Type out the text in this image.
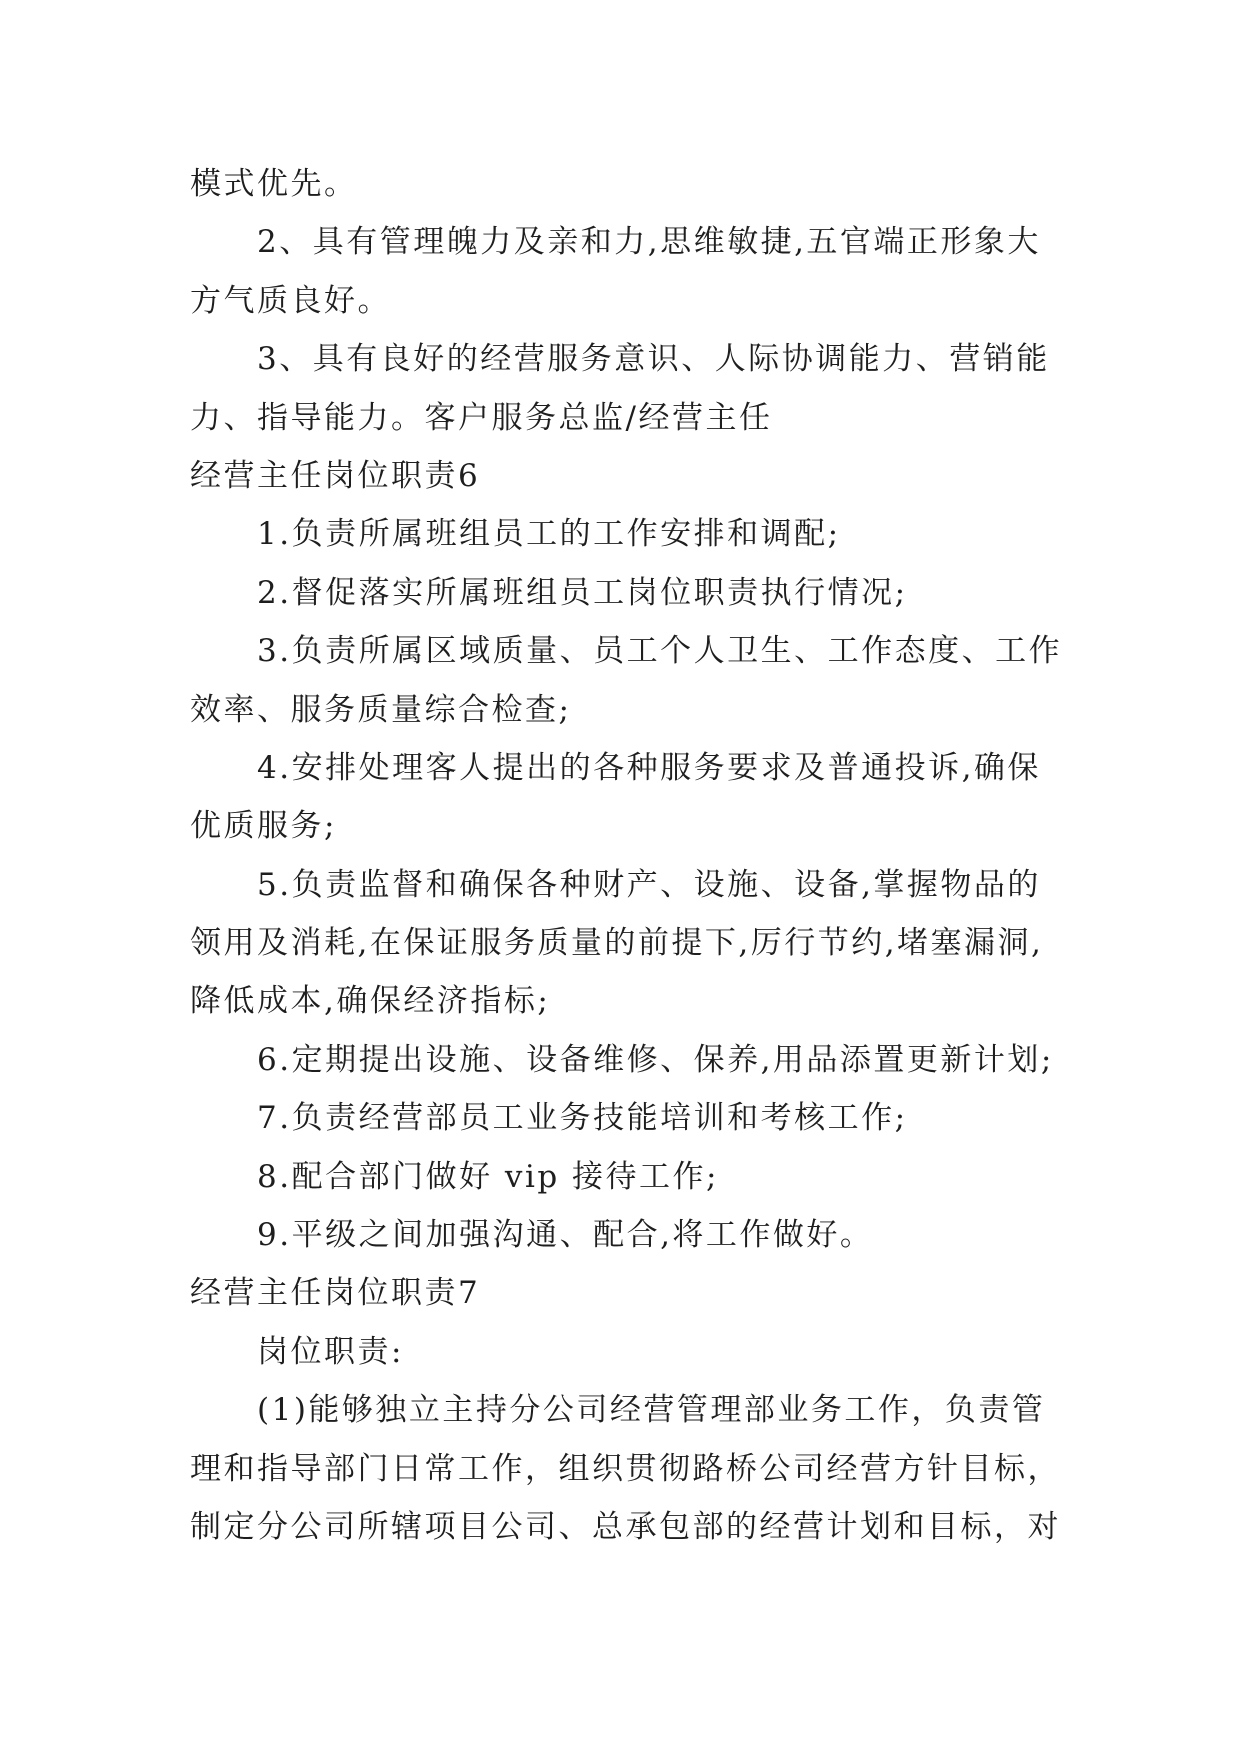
模式优先。
2、具有管理魄力及亲和力,思维敏捷,五官端正形象大
方气质良好。
3、具有良好的经营服务意识、人际协调能力、营销能
力、指导能力。客户服务总监/经营主任
经营主任岗位职责6
1.负责所属班组员工的工作安排和调配;
2.督促落实所属班组员工岗位职责执行情况;
3.负责所属区域质量、员工个人卫生、工作态度、工作
效率、服务质量综合检查;
4.安排处理客人提出的各种服务要求及普通投诉,确保
优质服务;
5.负责监督和确保各种财产、设施、设备,掌握物品的
领用及消耗,在保证服务质量的前提下,厉行节约,堵塞漏洞,
降低成本,确保经济指标;
6.定期提出设施、设备维修、保养,用品添置更新计划;
7.负责经营部员工业务技能培训和考核工作;
8.配合部门做好 vip 接待工作;
9.平级之间加强沟通、配合,将工作做好。
经营主任岗位职责7
岗位职责:
(1)能够独立主持分公司经营管理部业务工作，负责管
理和指导部门日常工作，组织贯彻路桥公司经营方针目标，
制定分公司所辖项目公司、总承包部的经营计划和目标，对
